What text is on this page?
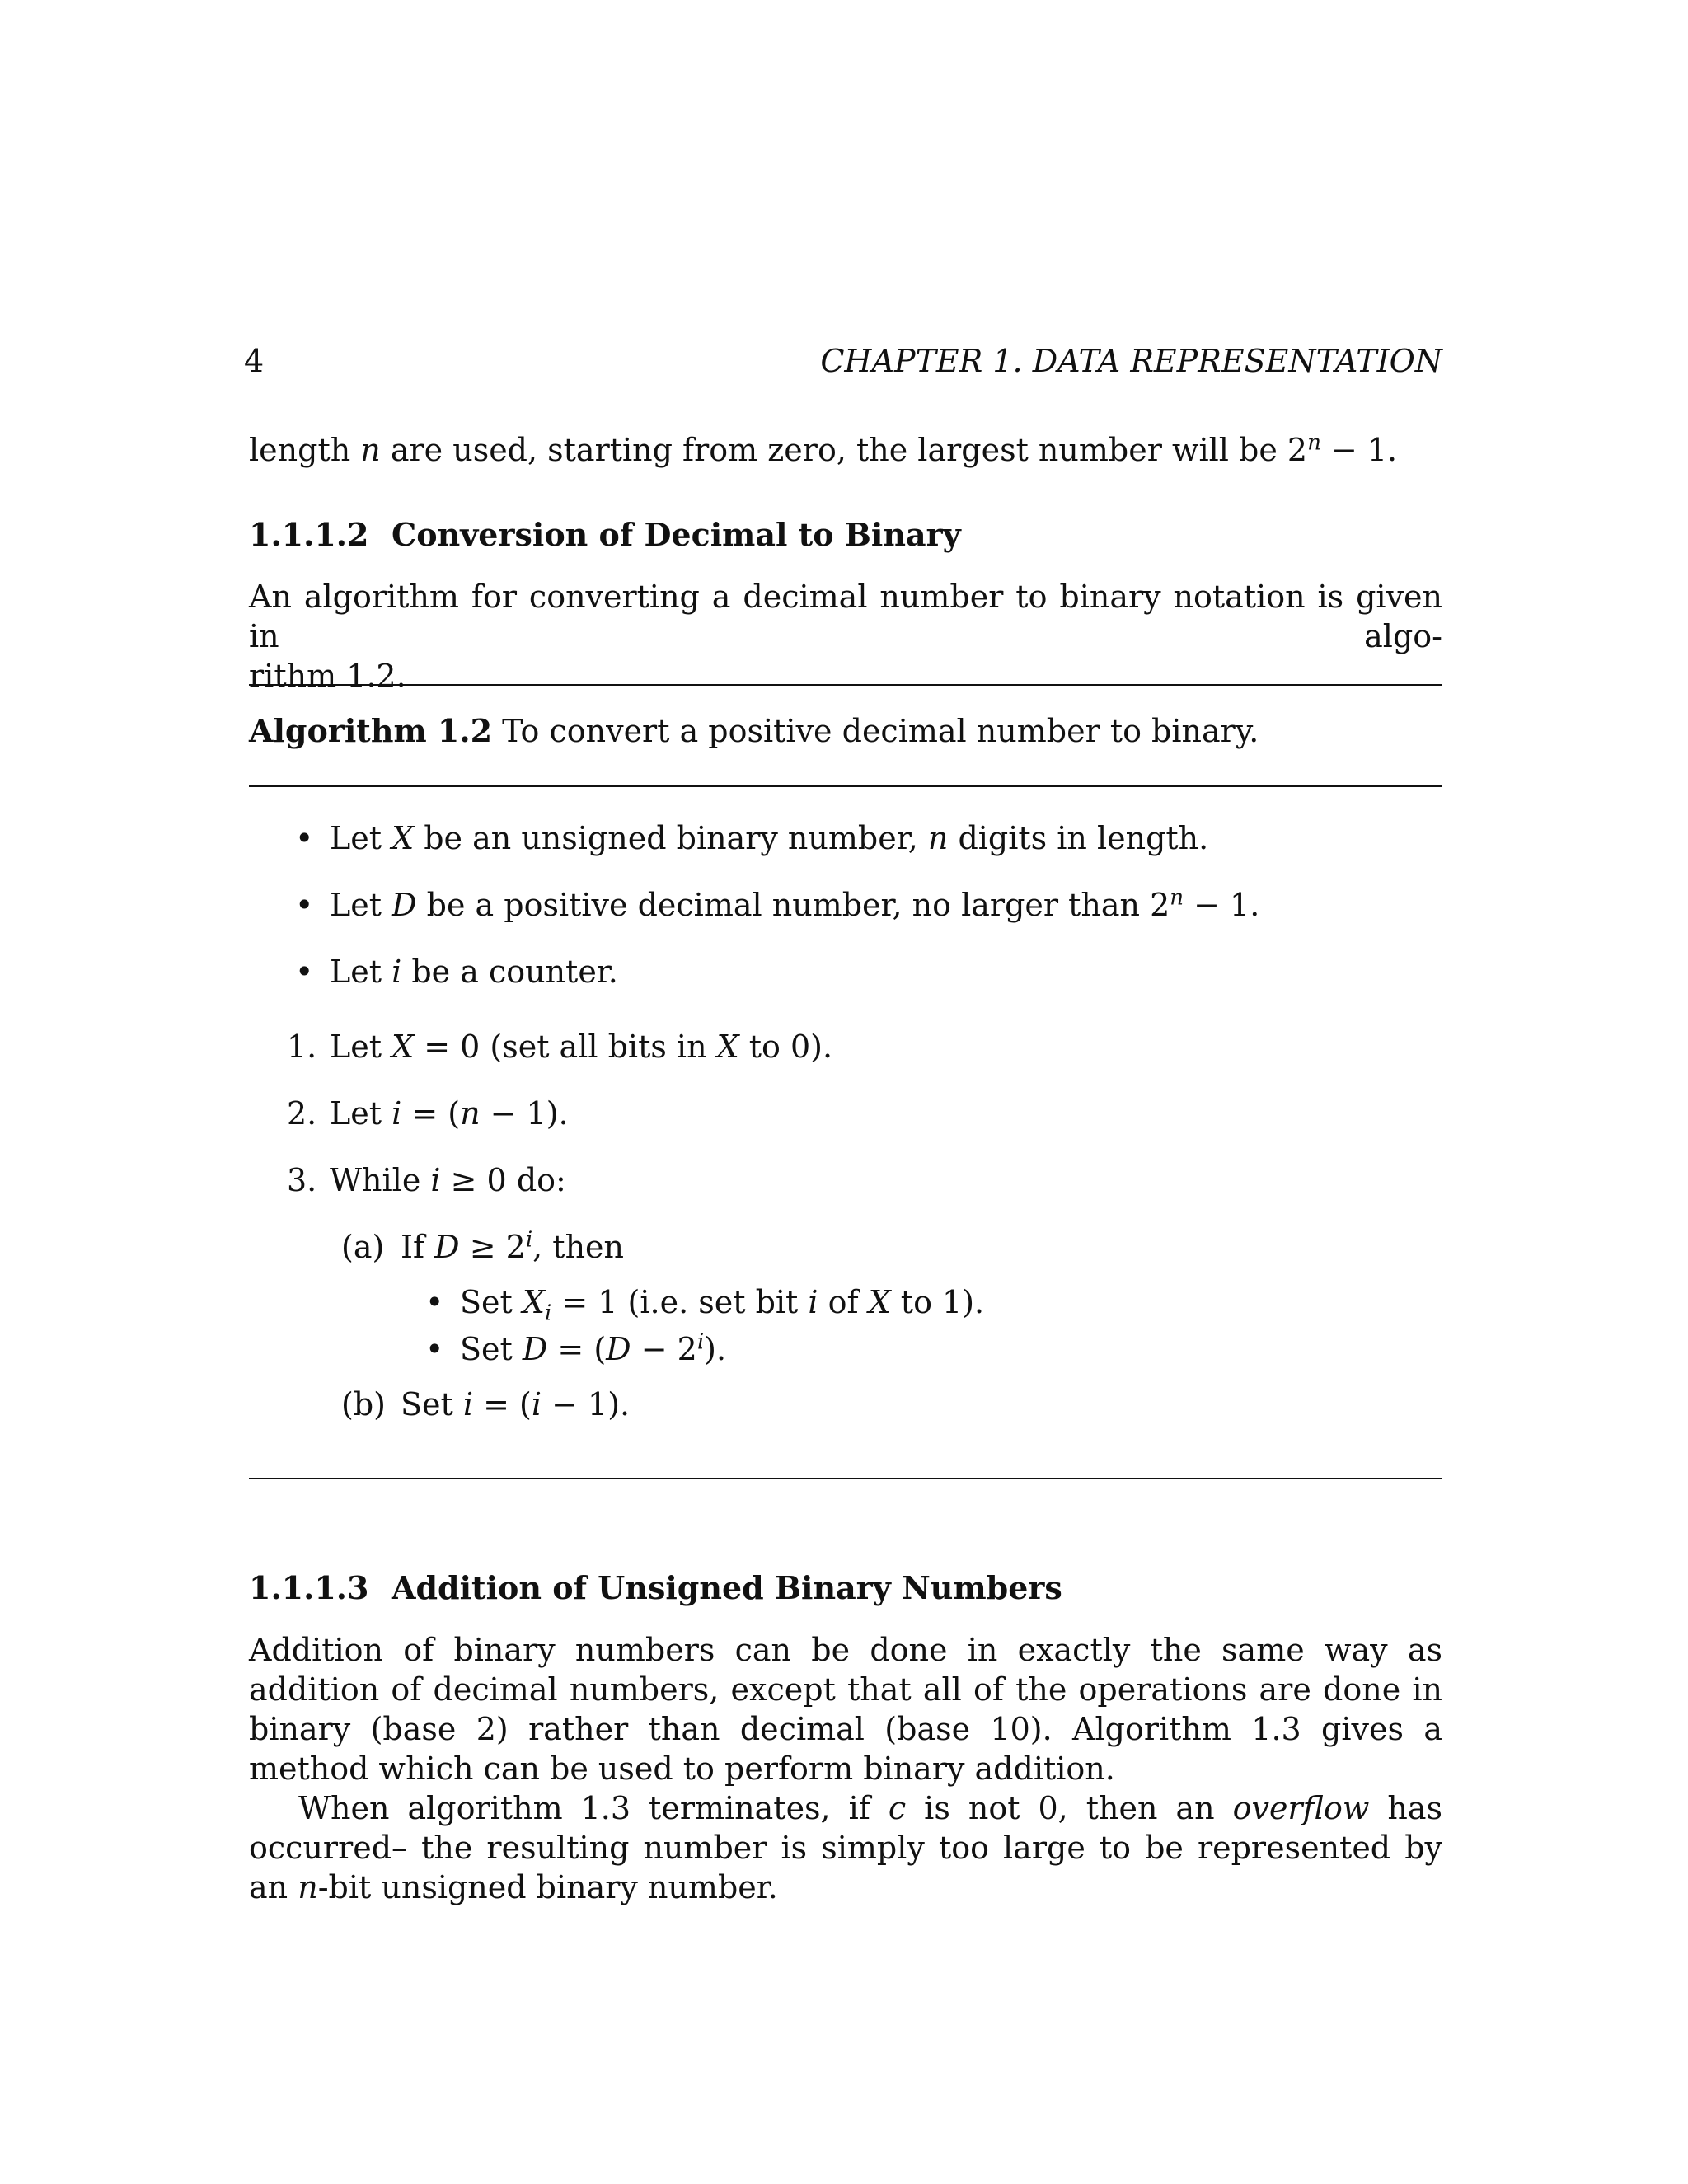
4	CHAPTER 1. DATA REPRESENTATION
length n are used, starting from zero, the largest number will be $2^n - 1$.
1.1.1.2 Conversion of Decimal to Binary

An algorithm for converting a decimal number to binary notation is given in algo-

rithm 1.2.

Algorithm 1.2 To convert a positive decimal number to binary.
• Let X be an unsigned binary number, n digits in length.
• Let D be a positive decimal number, no larger than $2^n - 1$.
• Let i be a counter.
1. Let X = 0 (set all bits in X to 0).
2. Let i = (n − 1).
3. While i ≥ 0 do:
(a) If $D \ge 2^i$, then
• Set $X_i = 1$ (i.e. set bit i of X to 1).
• Set $D = (D - 2^i)$.
(b) Set i = (i − 1).
1.1.1.3 Addition of Unsigned Binary Numbers

Addition of binary numbers can be done in exactly the same way as addition of decimal numbers, except that all of the operations are done in binary (base 2) rather than decimal (base 10). Algorithm 1.3 gives a method which can be used to perform binary addition.

When algorithm 1.3 terminates, if c is not 0, then an overflow has occurred– the resulting number is simply too large to be represented by an n-bit unsigned binary number.
